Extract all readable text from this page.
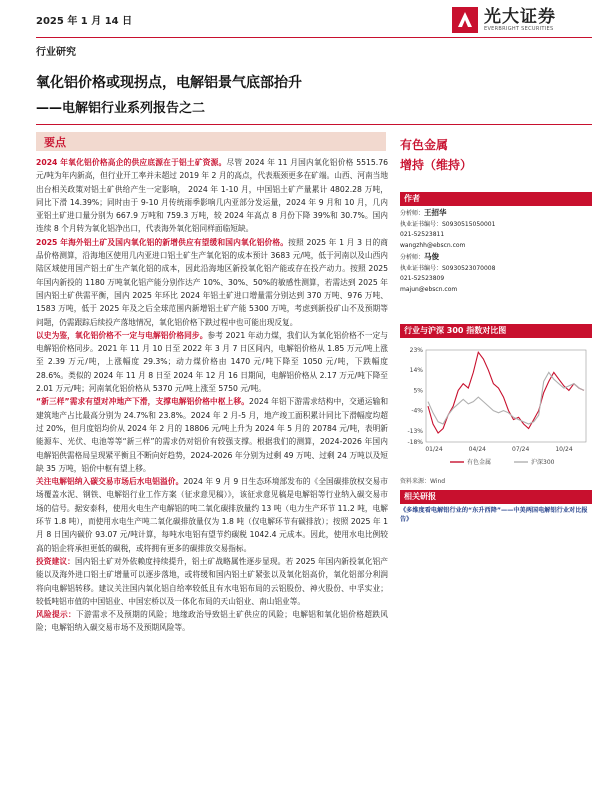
2025 年 1 月 14 日	光大证券
EVERBRIGHT SECURITIES
行业研究
氧化铝价格或现拐点，电解铝景气底部抬升
——电解铝行业系列报告之二
要点

2024 年氧化铝价格高企的供应底源在于铝土矿资源。尽管 2024 年 11 月国内氧化铝价格 5515.76 元/吨为年内新高，但行业开工率并未超过 2019 年 2 月的高点，代表瓶颈更多在矿端。山西、河南当地出台相关政策对铝土矿供给产生一定影响， 2024 年 1-10 月，中国铝土矿产量累计 4802.28 万吨，同比下滑 14.39%；同时由于 9-10 月传统雨季影响几内亚部分发运量，2024 年 9 月和 10 月，几内亚铝土矿进口量分别为 667.9 万吨和 759.3 万吨，较 2024 年高点 8 月份下降 39%和 30.7%。国内连续 8 个月转为氧化铝净出口，代表海外氧化铝同样面临短缺。

2025 年海外铝土矿及国内氧化铝的新增供应有望缓和国内氧化铝价格。按照 2025 年 1 月 3 日的商品价格测算，沿海地区使用几内亚进口铝土矿生产氧化铝的成本预计 3683 元/吨，低于河南以及山西内陆区域使用国产铝土矿生产氧化铝的成本，因此沿海地区新投氧化铝产能或存在投产动力。按照 2025 年国内新投的 1180 万吨氧化铝产能分别作达产 10%、30%、50%的敏感性测算，若需达到 2025 年国内铝土矿供需平衡，国内 2025 年环比 2024 年铝土矿进口增量需分别达到 370 万吨、976 万吨、1583 万吨，低于 2025 年及之后全球范围内新增铝土矿产能 5300 万吨，考虑到新投矿山不及预期等问题，仍需跟踪后续投产落地情况，氧化铝价格下跌过程中也可能出现反复。

以史为鉴，氧化铝价格不一定与电解铝价格同步。参考 2021 年动力煤，我们认为氧化铝价格不一定与电解铝价格同步。2021 年 11 月 10 日至 2022 年 3 月 7 日区间内，电解铝价格从 1.85 万元/吨上涨至 2.39 万元/吨，上涨幅度 29.3%；动力煤价格由 1470 元/吨下降至 1050 元/吨，下跌幅度 28.6%。类似的 2024 年 11 月 8 日至 2024 年 12 月 16 日期间，电解铝价格从 2.17 万元/吨下降至 2.01 万元/吨；河南氧化铝价格从 5370 元/吨上涨至 5750 元/吨。

“新三样”需求有望对冲地产下滑，支撑电解铝价格中枢上移。2024 年铝下游需求结构中，交通运输和建筑地产占比最高分别为 24.7%和 23.8%。2024 年 2 月-5 月，地产竣工面积累计同比下滑幅度均超过 20%，但月度铝均价从 2024 年 2 月的 18806 元/吨上升为 2024 年 5 月的 20784 元/吨，表明新能源车、光伏、电池等等“新三样”的需求仍对铝价有较强支撑。根据我们的测算，2024-2026 年国内电解铝供需格局呈现紧平衡且不断向好趋势，2024-2026 年分别为过剩 49 万吨、过剩 24 万吨以及短缺 35 万吨，铝价中枢有望上移。

关注电解铝纳入碳交易市场后水电铝溢价。2024 年 9 月 9 日生态环境部发布的《全国碳排放权交易市场覆盖水泥、钢铁、电解铝行业工作方案（征求意见稿）》，该征求意见稿是电解铝等行业纳入碳交易市场的信号。据安泰科，使用火电生产电解铝的吨二氧化碳排放量约 13 吨（电力生产环节 11.2 吨，电解环节 1.8 吨），而使用水电生产吨二氧化碳排放量仅为 1.8 吨（仅电解环节有碳排放）；按照 2025 年 1 月 8 日国内碳价 93.07 元/吨计算，每吨水电铝有望节约碳税 1042.4 元成本。因此，使用水电比例较高的铝企将承担更低的碳税，或将拥有更多的碳排放交易指标。

投资建议：国内铝土矿对外依赖度持续提升，铝土矿战略属性逐步显现。若 2025 年国内新投氧化铝产能以及海外进口铝土矿增量可以逐步落地，或将缓和国内铝土矿紧张以及氧化铝高价，氧化铝部分利润将向电解铝转移。建议关注国内氧化铝自给率较低且有水电铝布局的云铝股份、神火股份、中孚实业；较低吨铝市值的中国铝业、中国宏桥以及一体化布局的天山铝业、南山铝业等。

风险提示：下游需求不及预期的风险；地缘政治导致铝土矿供应的风险；电解铝和氧化铝价格超跌风险；电解铝纳入碳交易市场不及预期风险等。

有色金属
增持（维持）
作者
分析师：王招华
执业证书编号：S0930515050001
021-52523811
wangzhh@ebscn.com
分析师：马俊
执业证书编号：S0930523070008
021-52523809
majun@ebscn.com
行业与沪深 300 指数对比图
23%
14%
5%
-4%
-13%
-18%
01/24	04/24	07/24	10/24
有色金属	沪深300
资料来源：Wind
相关研报
《多维度看电解铝行业的“东升西降”——中美两国电解铝行业对比报告》
